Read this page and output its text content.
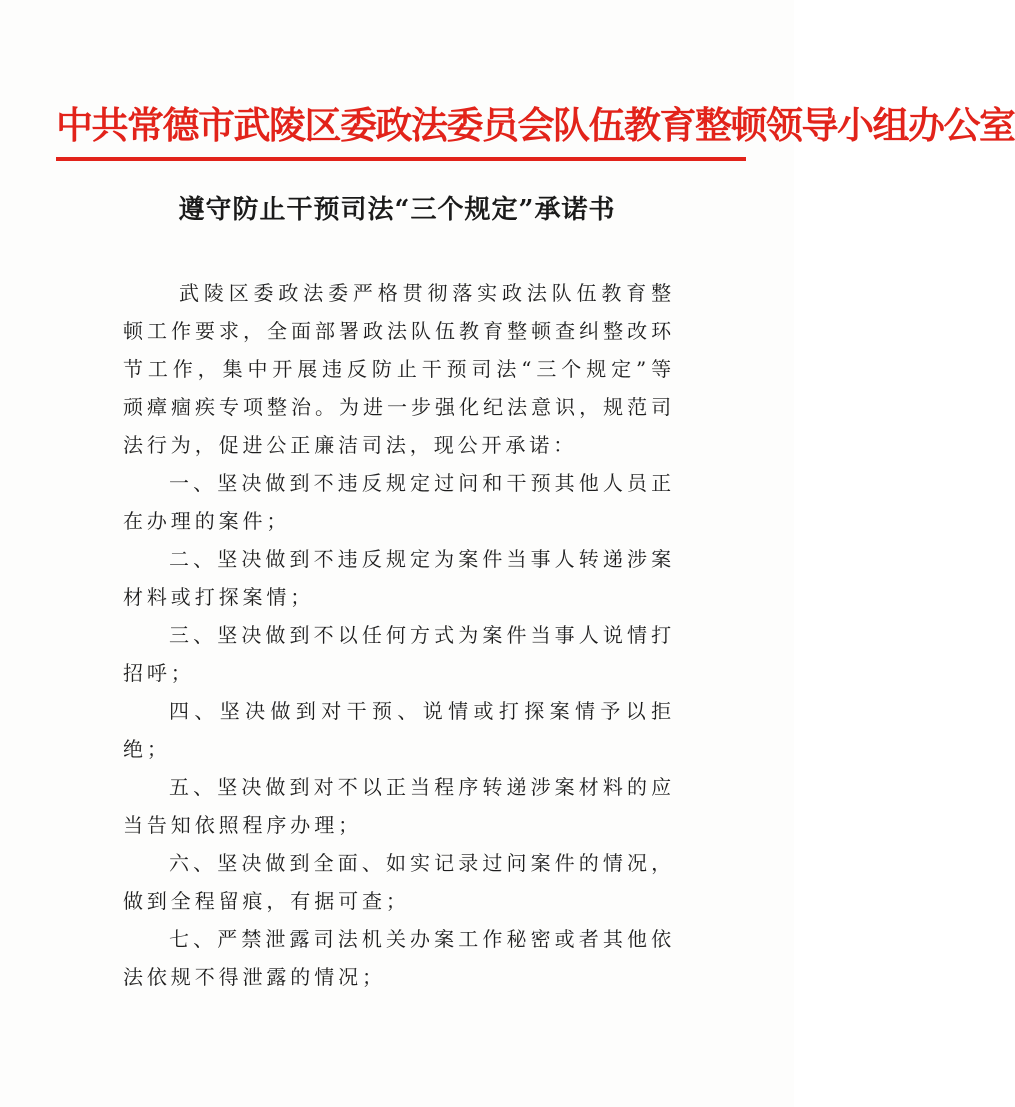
中共常德市武陵区委政法委员会队伍教育整顿领导小组办公室
遵守防止干预司法“三个规定”承诺书

武陵区委政法委严格贯彻落实政法队伍教育整顿工作要求，全面部署政法队伍教育整顿查纠整改环节工作，集中开展违反防止干预司法“三个规定”等顽瘴痼疾专项整治。为进一步强化纪法意识，规范司法行为，促进公正廉洁司法，现公开承诺：

一、坚决做到不违反规定过问和干预其他人员正在办理的案件；

二、坚决做到不违反规定为案件当事人转递涉案材料或打探案情；

三、坚决做到不以任何方式为案件当事人说情打招呼；

四、坚决做到对干预、说情或打探案情予以拒绝；

五、坚决做到对不以正当程序转递涉案材料的应当告知依照程序办理；

六、坚决做到全面、如实记录过问案件的情况，做到全程留痕，有据可查；

七、严禁泄露司法机关办案工作秘密或者其他依法依规不得泄露的情况；
